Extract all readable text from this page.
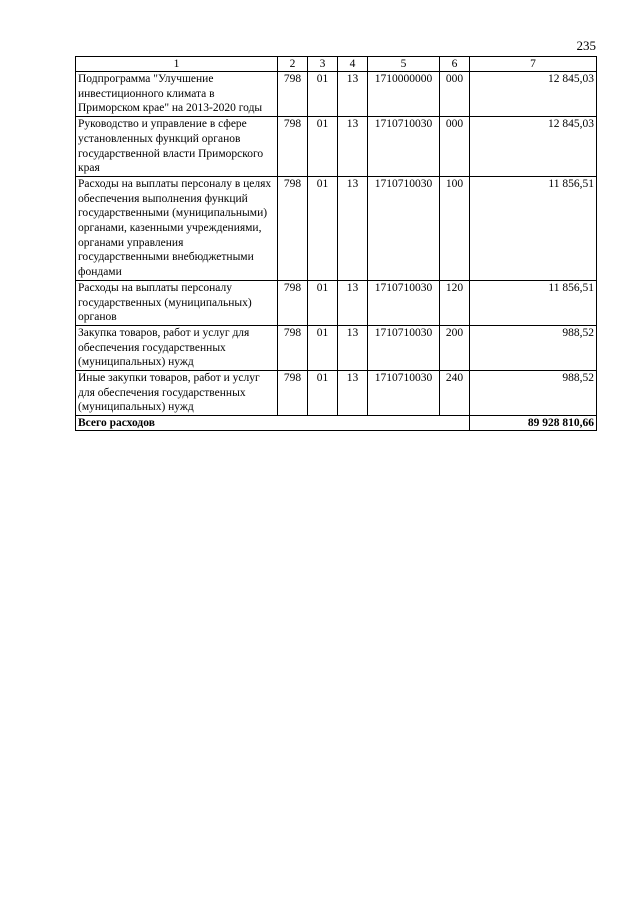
235
1	2	3	4	5	6	7
Подпрограмма "Улучшение инвестиционного климата в Приморском крае" на 2013-2020 годы	798	01	13	1710000000	000	12 845,03
Руководство и управление в сфере установленных функций органов государственной власти Приморского края	798	01	13	1710710030	000	12 845,03
Расходы на выплаты персоналу в целях обеспечения выполнения функций государственными (муниципальными) органами, казенными учреждениями, органами управления государственными внебюджетными фондами	798	01	13	1710710030	100	11 856,51
Расходы на выплаты персоналу государственных (муниципальных) органов	798	01	13	1710710030	120	11 856,51
Закупка товаров, работ и услуг для обеспечения государственных (муниципальных) нужд	798	01	13	1710710030	200	988,52
Иные закупки товаров, работ и услуг для обеспечения государственных (муниципальных) нужд	798	01	13	1710710030	240	988,52
Всего расходов						89 928 810,66
